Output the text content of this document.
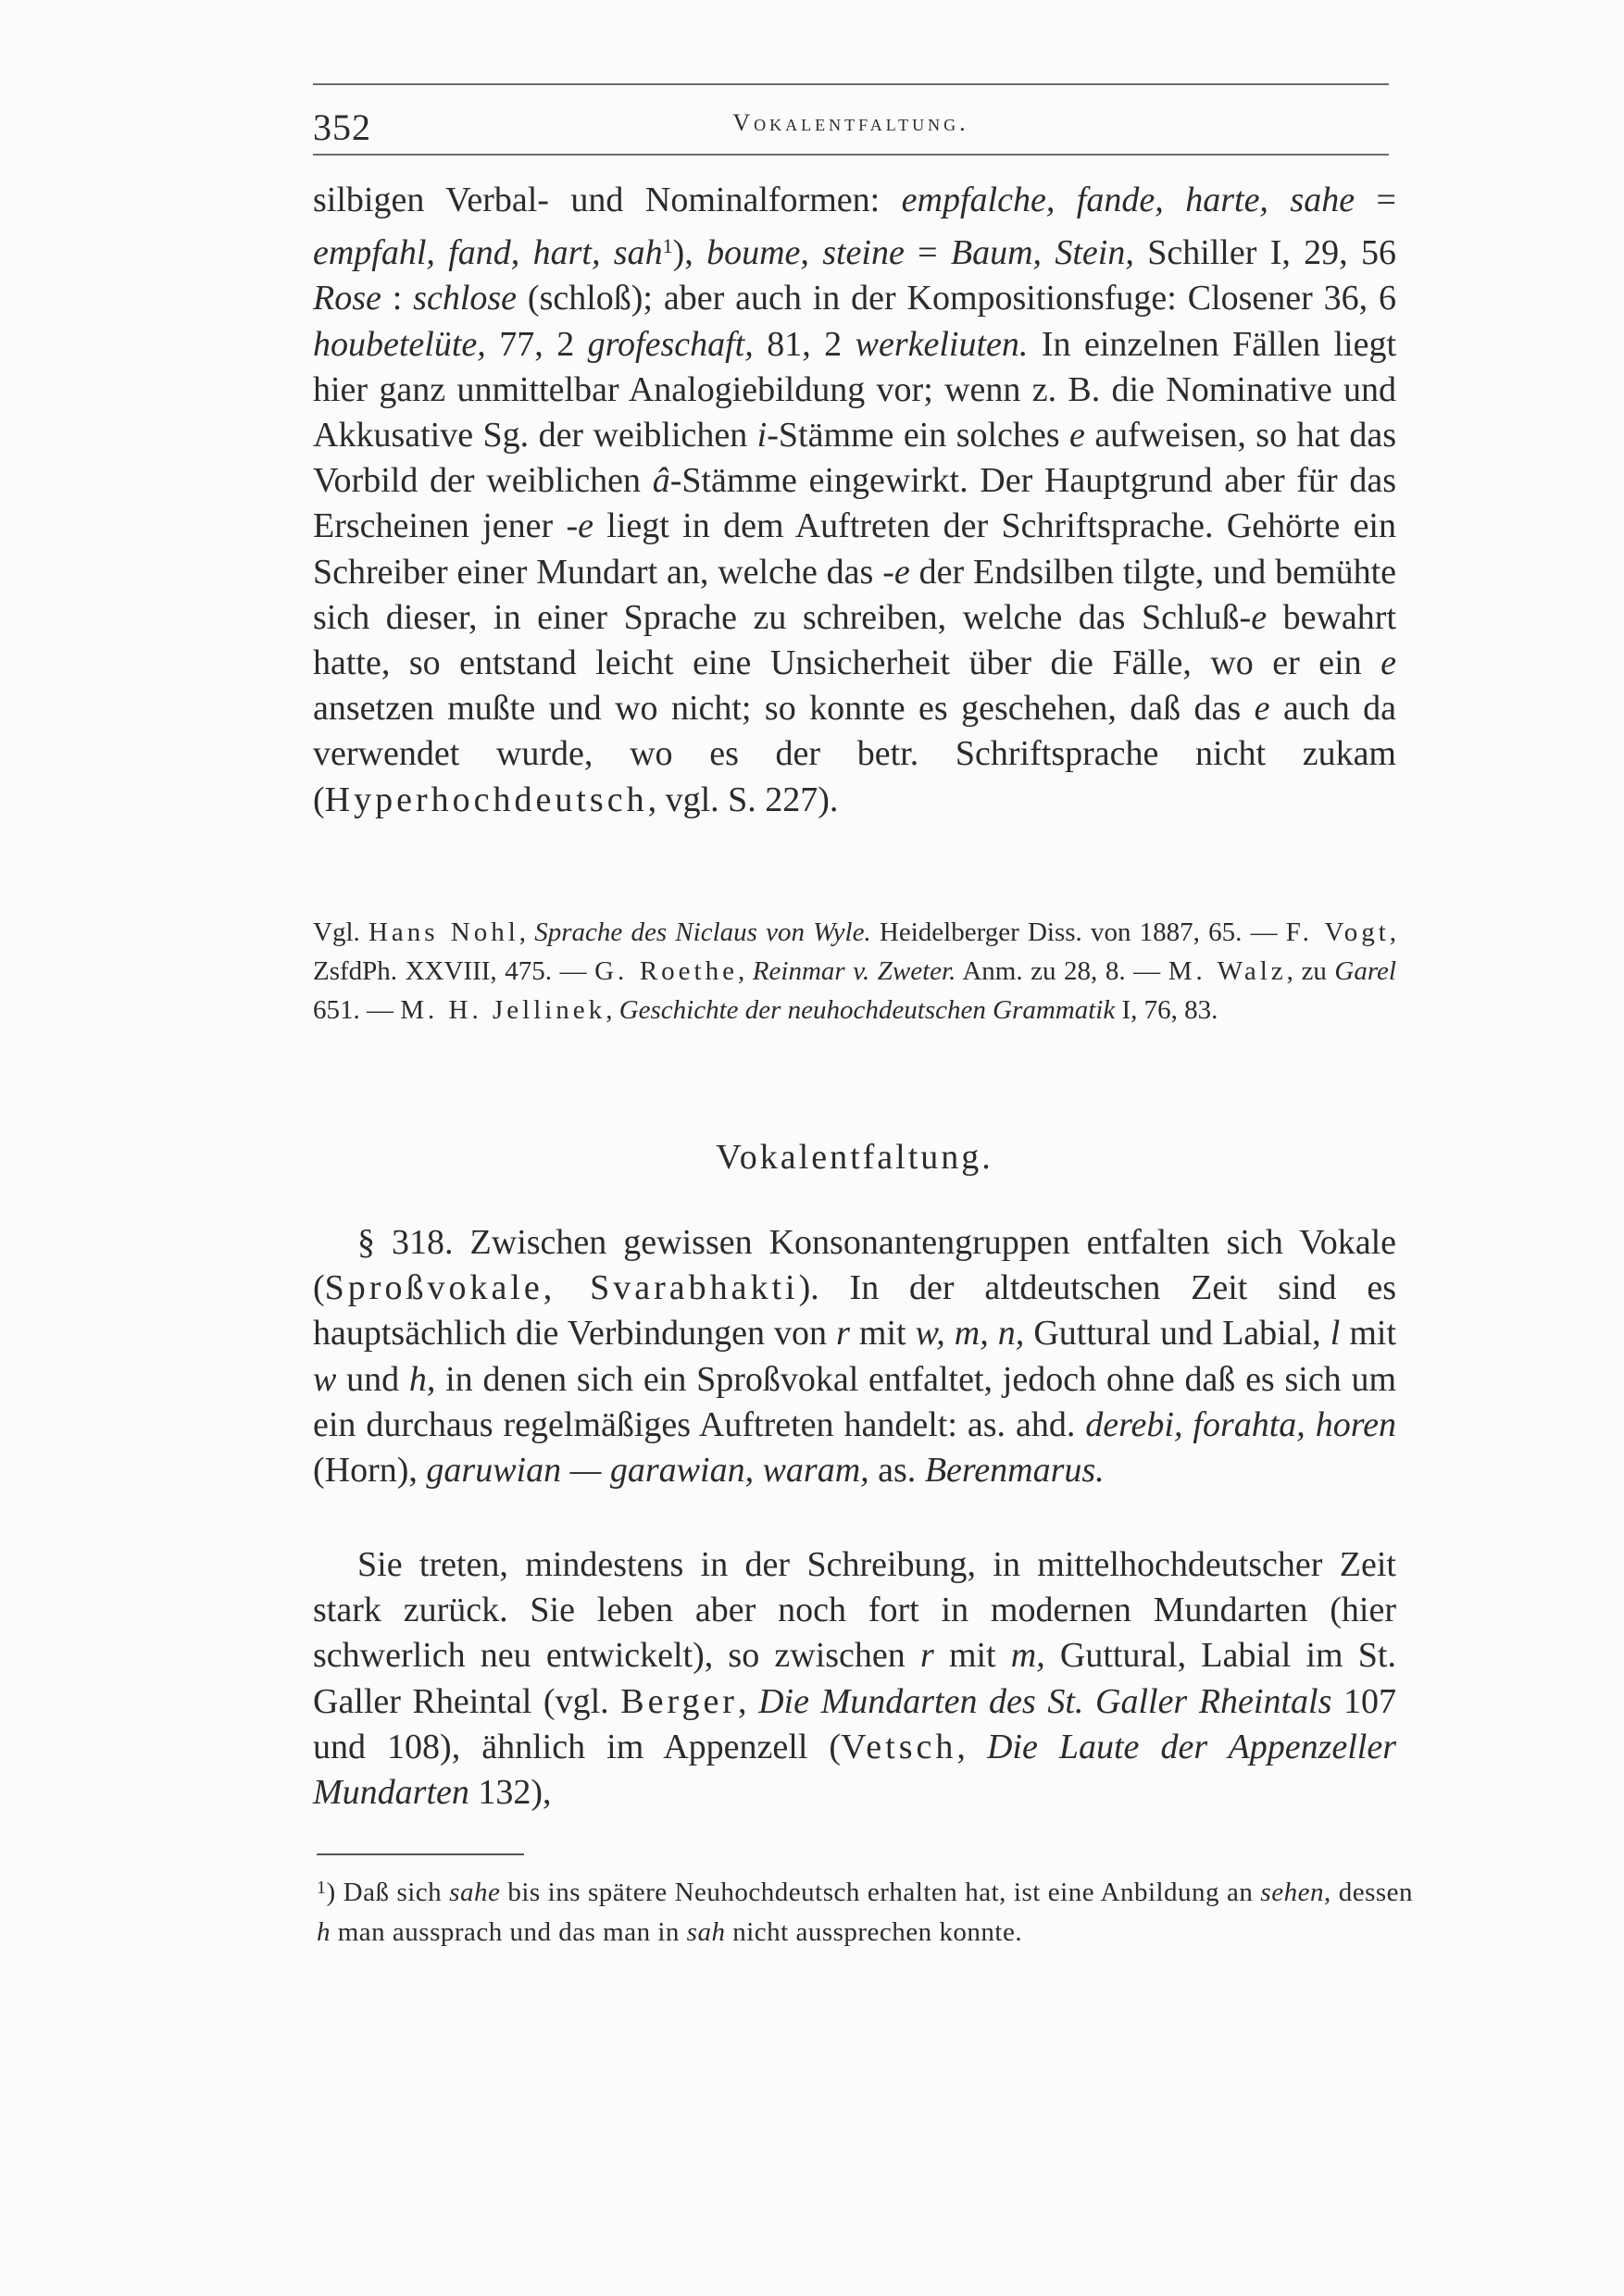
352	Vokalentfaltung.
silbigen Verbal- und Nominalformen: empfalche, fande, harte, sahe = empfahl, fand, hart, sah$^1$), boume, steine = Baum, Stein, Schiller I, 29, 56 Rose : schlose (schloß); aber auch in der Kompositionsfuge: Closener 36, 6 houbetelüte, 77, 2 grofeschaft, 81, 2 werkeliuten. In einzelnen Fällen liegt hier ganz unmittelbar Analogiebildung vor; wenn z. B. die Nominative und Akkusative Sg. der weiblichen i-Stämme ein solches e aufweisen, so hat das Vorbild der weiblichen â-Stämme eingewirkt. Der Hauptgrund aber für das Erscheinen jener -e liegt in dem Auftreten der Schriftsprache. Gehörte ein Schreiber einer Mundart an, welche das -e der Endsilben tilgte, und bemühte sich dieser, in einer Sprache zu schreiben, welche das Schluß-e bewahrt hatte, so entstand leicht eine Unsicherheit über die Fälle, wo er ein e ansetzen mußte und wo nicht; so konnte es geschehen, daß das e auch da verwendet wurde, wo es der betr. Schriftsprache nicht zukam (Hyperhochdeutsch, vgl. S. 227).
Vgl. Hans Nohl, Sprache des Niclaus von Wyle. Heidelberger Diss. von 1887, 65. — F. Vogt, ZsfdPh. XXVIII, 475. — G. Roethe, Reinmar v. Zweter. Anm. zu 28, 8. — M. Walz, zu Garel 651. — M. H. Jellinek, Geschichte der neuhochdeutschen Grammatik I, 76, 83.
Vokalentfaltung.
§ 318. Zwischen gewissen Konsonantengruppen entfalten sich Vokale (Sproßvokale, Svarabhakti). In der altdeutschen Zeit sind es hauptsächlich die Verbindungen von r mit w, m, n, Guttural und Labial, l mit w und h, in denen sich ein Sproßvokal entfaltet, jedoch ohne daß es sich um ein durchaus regelmäßiges Auftreten handelt: as. ahd. derebi, forahta, horen (Horn), garuwian — garawian, waram, as. Berenmarus.
Sie treten, mindestens in der Schreibung, in mittelhochdeutscher Zeit stark zurück. Sie leben aber noch fort in modernen Mundarten (hier schwerlich neu entwickelt), so zwischen r mit m, Guttural, Labial im St. Galler Rheintal (vgl. Berger, Die Mundarten des St. Galler Rheintals 107 und 108), ähnlich im Appenzell (Vetsch, Die Laute der Appenzeller Mundarten 132),
$^1$) Daß sich sahe bis ins spätere Neuhochdeutsch erhalten hat, ist eine Anbildung an sehen, dessen h man aussprach und das man in sah nicht aussprechen konnte.
